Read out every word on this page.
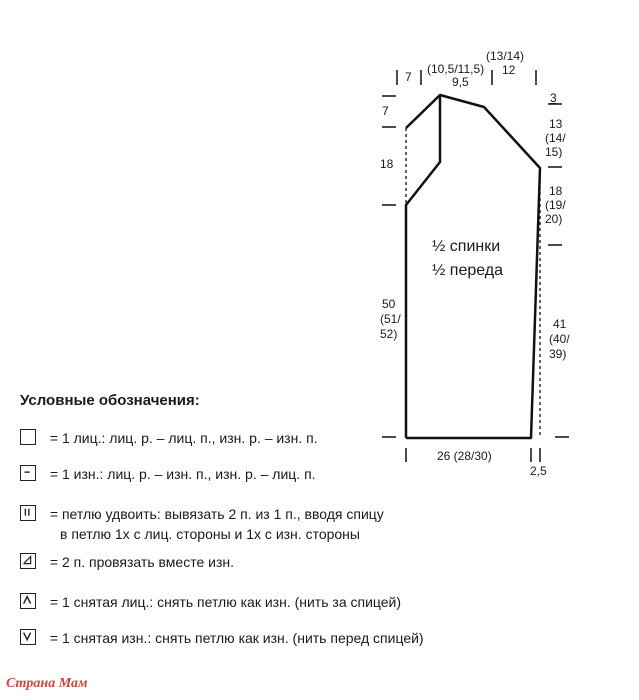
7
(10,5/11,5)
9,5
(13/14)
12
7
18
50
(51/
52)
3
13
(14/
15)
18
(19/
20)
41
(40/
39)
26 (28/30)
2,5
½ спинки
½ переда
Условные обозначения:
= 1 лиц.: лиц. р. – лиц. п., изн. р. – изн. п.
= 1 изн.: лиц. р. – изн. п., изн. р. – лиц. п.
= петлю удвоить: вывязать 2 п. из 1 п., вводя спицу
в петлю 1х с лиц. стороны и 1х с изн. стороны
= 2 п. провязать вместе изн.
= 1 снятая лиц.: снять петлю как изн. (нить за спицей)
= 1 снятая изн.: снять петлю как изн. (нить перед спицей)
Страна Мам
